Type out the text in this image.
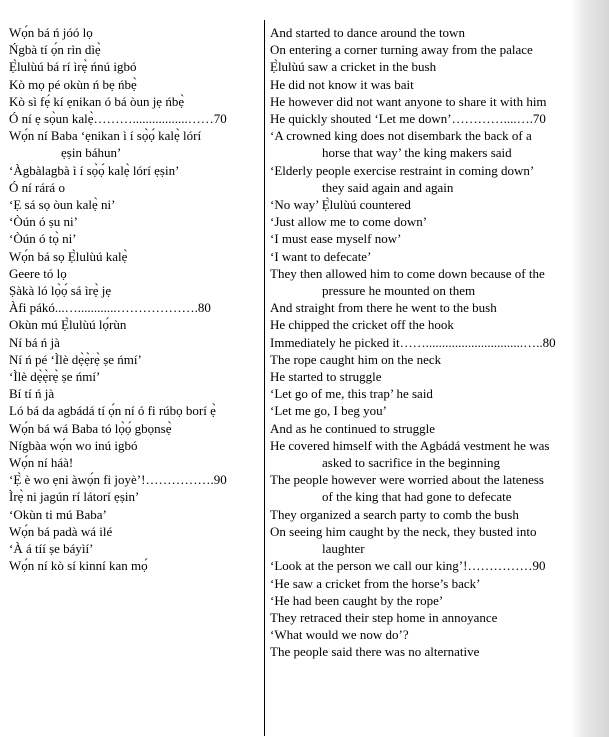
Wọ́n bá ń jóó lọ
Ńgbà tí ọ́n rìn dìẹ̀
Ẹ̀lulùú bá rí ìrẹ̀ ńnú igbó
Kò mọ pé okùn ń bẹ ńbẹ̀
Kò sì fẹ́ kí ẹnikan ó bá òun jẹ ńbẹ̀
Ó ní ẹ sọ̀un kalẹ̀……….................……70
Wọ́n ní Baba ‘ẹnikan ì í sọ̀ọ́ kalẹ̀ lórí
ẹṣin báhun’
‘Àgbàlagbà ì í sọ̀ọ́ kalẹ̀ lórí ẹṣin’
Ó ní rárá o
‘Ẹ sá sọ òun kalẹ̀ ni’
‘Òún ó ṣu ni’
‘Òún ó tọ̀ ni’
Wọ́n bá sọ Ẹ̀lulùú kalẹ̀
Geere tó lọ
Ṣàkà ló lọ̀ọ́ sá ìrẹ̀ jẹ
Àfi pákó...…............……………….80
Okùn mú Ẹ̀lulùú lọ́rùn
Ní bá ń jà
Ní ń pé ‘Ìlè dẹ̀ẹ̀rẹ̀ ṣe ńmí’
‘Ìlè dẹ̀ẹ̀rẹ̀ ṣe ńmí’
Bí tí ń jà
Ló bá da agbádá tí ọ́n ní ó fi rúbọ borí ẹ̀
Wọ́n bá wá Baba tó lọ̀ọ́ gbọnsẹ̀
Nígbàa wọ́n wo inú igbó
Wọ́n ní háà!
‘Ẹ̀ è wo ẹni àwọ́n fi joyè’!…………….90
Ìrẹ̀ ni jagún rí látorí ẹṣin’
‘Okùn ti mú Baba’
Wọ́n bá padà wá ilé
‘À á tíí ṣe báyìí’
Wọ́n ní kò sí kinní kan mọ́
And started to dance around the town
On entering a corner turning away from the palace
Ẹ̀lulùú saw a cricket in the bush
He did not know it was bait
He however did not want anyone to share it with him
He quickly shouted ‘Let me down’…………....….70
‘A crowned king does not disembark the back of a
horse that way’ the king makers said
‘Elderly people exercise restraint in coming down’
they said again and again
‘No way’ Ẹ̀lulùú countered
‘Just allow me to come down’
‘I must ease myself now’
‘I want to defecate’
They then allowed him to come down because of the
pressure he mounted on them
And straight from there he went to the bush
He chipped the cricket off the hook
Immediately he picked it……..............................…..80
The rope caught him on the neck
He started to struggle
‘Let go of me, this trap’ he said
‘Let me go, I beg you’
And as he continued to struggle
He covered himself with the Agbádá vestment he was
asked to sacrifice in the beginning
The people however were worried about the lateness
of the king that had gone to defecate
They organized a search party to comb the bush
On seeing him caught by the neck, they busted into
laughter
‘Look at the person we call our king’!……………90
‘He saw a cricket from the horse’s back’
‘He had been caught by the rope’
They retraced their step home in annoyance
‘What would we now do’?
The people said there was no alternative
